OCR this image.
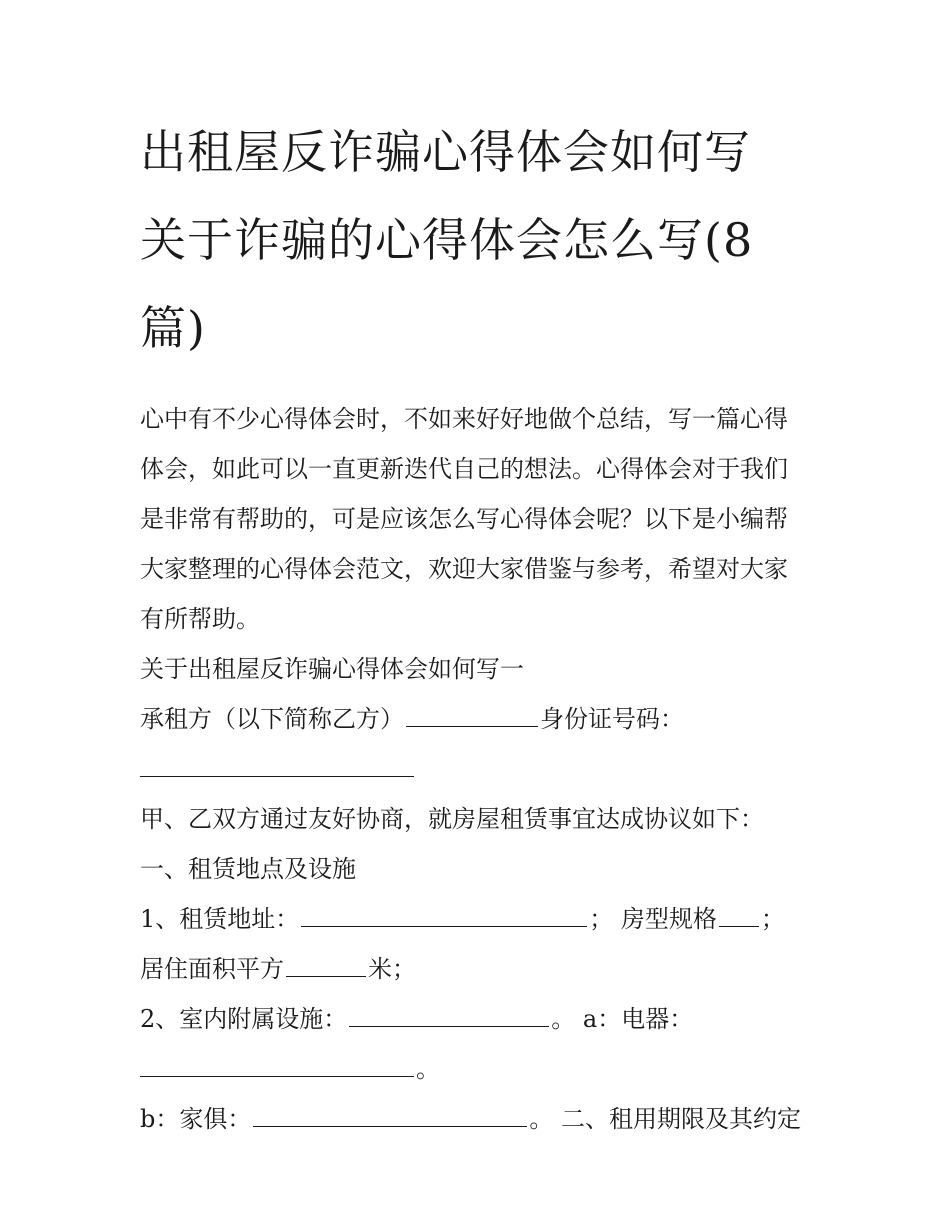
出租屋反诈骗心得体会如何写
关于诈骗的心得体会怎么写(8
篇)
心中有不少心得体会时，不如来好好地做个总结，写一篇心得
体会，如此可以一直更新迭代自己的想法。心得体会对于我们
是非常有帮助的，可是应该怎么写心得体会呢？以下是小编帮
大家整理的心得体会范文，欢迎大家借鉴与参考，希望对大家
有所帮助。
关于出租屋反诈骗心得体会如何写一
承租方（以下简称乙方）	身份证号码：
甲、乙双方通过友好协商，就房屋租赁事宜达成协议如下：
一、租赁地点及设施
1、租赁地址：	； 房型规格 ；
居住面积平方	米；
2、室内附属设施：	。 a：电器：
。
b：家俱：	。 二、租用期限及其约定
